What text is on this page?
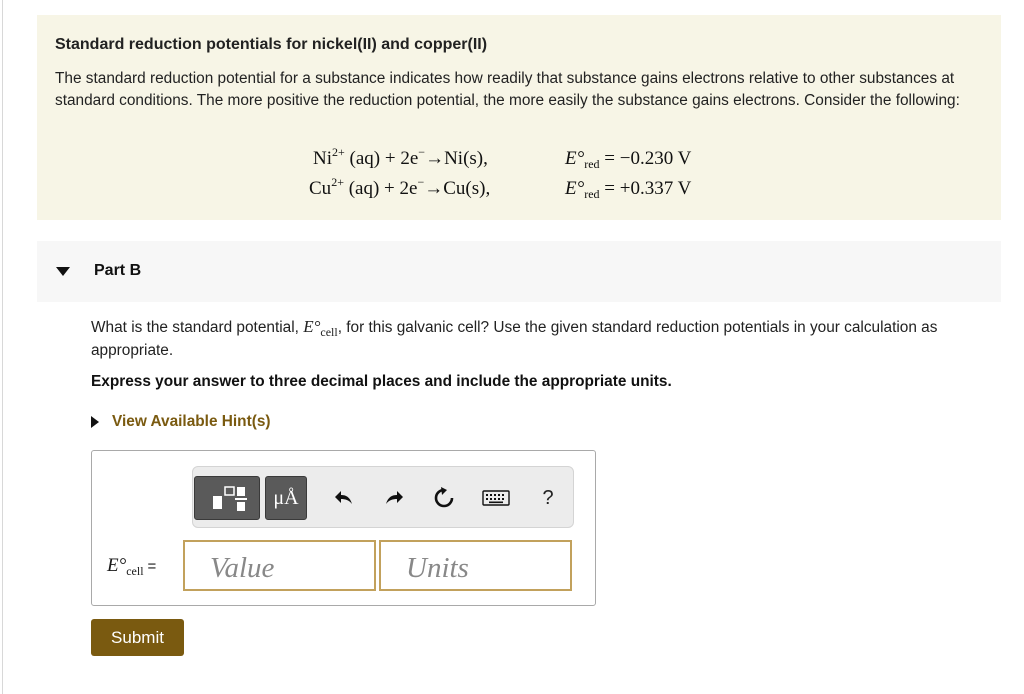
Standard reduction potentials for nickel(II) and copper(II)
The standard reduction potential for a substance indicates how readily that substance gains electrons relative to other substances at standard conditions. The more positive the reduction potential, the more easily the substance gains electrons. Consider the following:
$Ni^{2+}$ (aq) + 2e−→Ni(s),	$E^\circ_{red} = -0.230$ V
$Cu^{2+}$ (aq) + 2e−→Cu(s),	$E^\circ_{red} = +0.337$ V
Part B
What is the standard potential, $E^\circ_{cell}$, for this galvanic cell? Use the given standard reduction potentials in your calculation as appropriate.
Express your answer to three decimal places and include the appropriate units.
View Available Hint(s)
μÅ	?
$E^\circ_{cell}$ =
Value
Units
Submit
